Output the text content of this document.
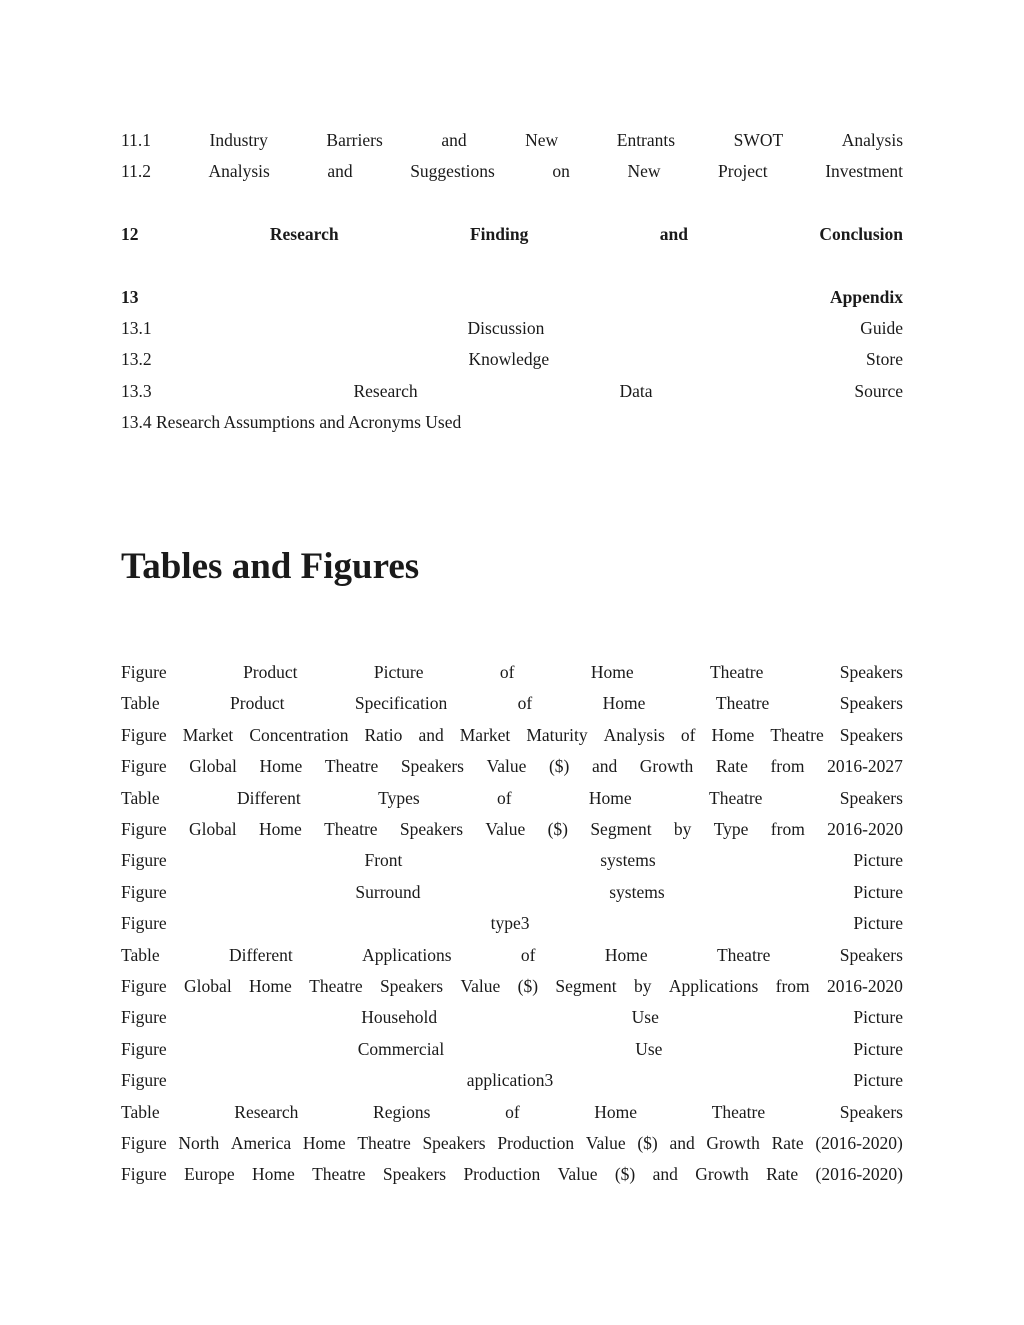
11.1	Industry	Barriers	and	New	Entrants	SWOT	Analysis
11.2	Analysis	and	Suggestions	on	New	Project	Investment
12	Research	Finding	and	Conclusion
13	Appendix
13.1	Discussion	Guide
13.2	Knowledge	Store
13.3	Research	Data	Source
13.4 Research Assumptions and Acronyms Used
Tables and Figures
Figure	Product	Picture	of	Home	Theatre	Speakers
Table	Product	Specification	of	Home	Theatre	Speakers
Figure Market Concentration Ratio and Market Maturity Analysis of Home Theatre Speakers
Figure Global Home Theatre Speakers Value ($) and Growth Rate from 2016-2027
Table	Different	Types	of	Home	Theatre	Speakers
Figure Global Home Theatre Speakers Value ($) Segment by Type from 2016-2020
Figure	Front	systems	Picture
Figure	Surround	systems	Picture
Figure	type3	Picture
Table	Different	Applications	of	Home	Theatre	Speakers
Figure Global Home Theatre Speakers Value ($) Segment by Applications from 2016-2020
Figure	Household	Use	Picture
Figure	Commercial	Use	Picture
Figure	application3	Picture
Table	Research	Regions	of	Home	Theatre	Speakers
Figure North America Home Theatre Speakers Production Value ($) and Growth Rate (2016-2020)
Figure Europe Home Theatre Speakers Production Value ($) and Growth Rate (2016-2020)
